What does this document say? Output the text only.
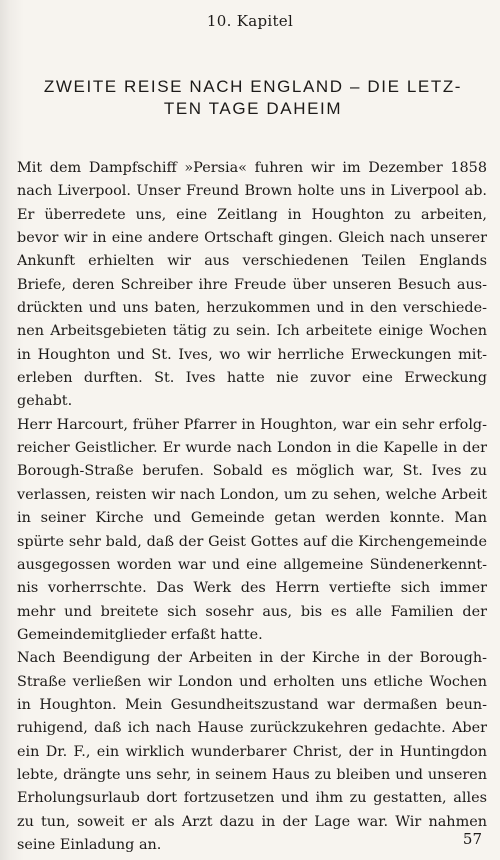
10. Kapitel
ZWEITE REISE NACH ENGLAND – DIE LETZ-
TEN TAGE DAHEIM
Mit dem Dampfschiff »Persia« fuhren wir im Dezember 1858
nach Liverpool. Unser Freund Brown holte uns in Liverpool ab.
Er überredete uns, eine Zeitlang in Houghton zu arbeiten,
bevor wir in eine andere Ortschaft gingen. Gleich nach unserer
Ankunft erhielten wir aus verschiedenen Teilen Englands
Briefe, deren Schreiber ihre Freude über unseren Besuch aus-
drückten und uns baten, herzukommen und in den verschiede-
nen Arbeitsgebieten tätig zu sein. Ich arbeitete einige Wochen
in Houghton und St. Ives, wo wir herrliche Erweckungen mit-
erleben durften. St. Ives hatte nie zuvor eine Erweckung
gehabt.
Herr Harcourt, früher Pfarrer in Houghton, war ein sehr erfolg-
reicher Geistlicher. Er wurde nach London in die Kapelle in der
Borough-Straße berufen. Sobald es möglich war, St. Ives zu
verlassen, reisten wir nach London, um zu sehen, welche Arbeit
in seiner Kirche und Gemeinde getan werden konnte. Man
spürte sehr bald, daß der Geist Gottes auf die Kirchengemeinde
ausgegossen worden war und eine allgemeine Sündenerkennt-
nis vorherrschte. Das Werk des Herrn vertiefte sich immer
mehr und breitete sich sosehr aus, bis es alle Familien der
Gemeindemitglieder erfaßt hatte.
Nach Beendigung der Arbeiten in der Kirche in der Borough-
Straße verließen wir London und erholten uns etliche Wochen
in Houghton. Mein Gesundheitszustand war dermaßen beun-
ruhigend, daß ich nach Hause zurückzukehren gedachte. Aber
ein Dr. F., ein wirklich wunderbarer Christ, der in Huntingdon
lebte, drängte uns sehr, in seinem Haus zu bleiben und unseren
Erholungsurlaub dort fortzusetzen und ihm zu gestatten, alles
zu tun, soweit er als Arzt dazu in der Lage war. Wir nahmen
seine Einladung an.	57
